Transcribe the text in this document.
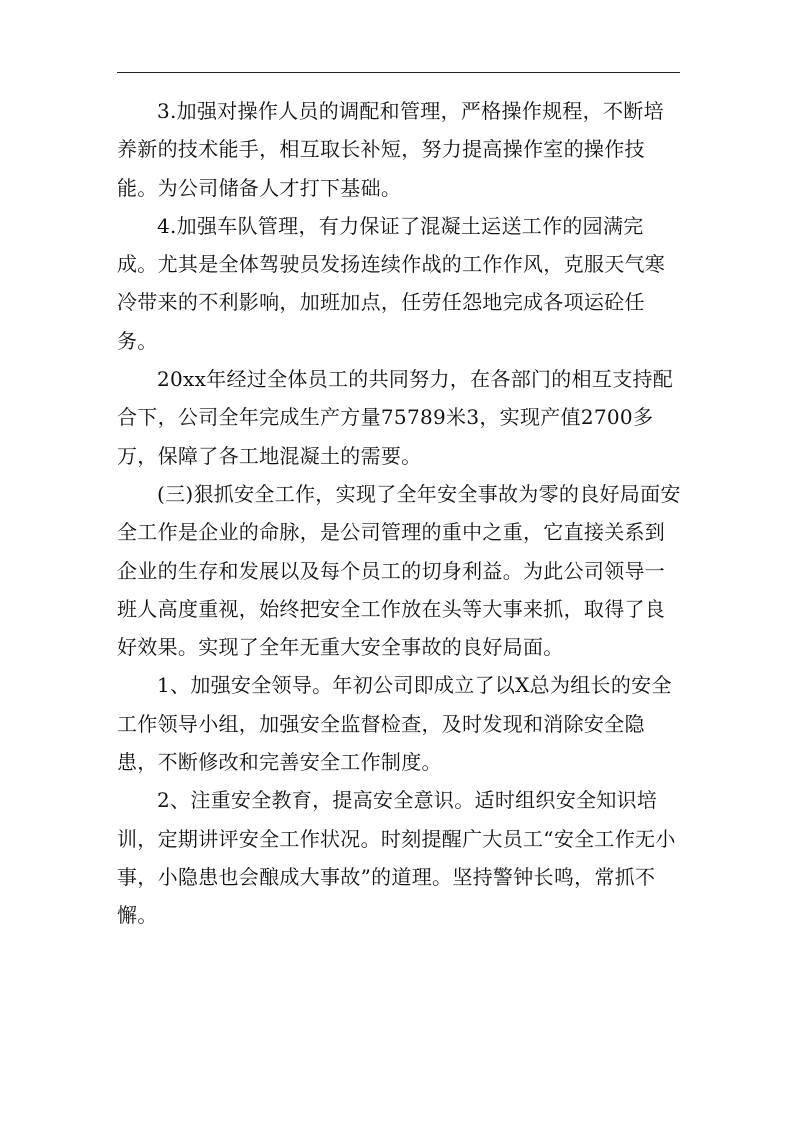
3.加强对操作人员的调配和管理，严格操作规程，不断培养新的技术能手，相互取长补短，努力提高操作室的操作技能。为公司储备人才打下基础。

4.加强车队管理，有力保证了混凝土运送工作的园满完成。尤其是全体驾驶员发扬连续作战的工作作风，克服天气寒冷带来的不利影响，加班加点，任劳任怨地完成各项运砼任务。

20xx年经过全体员工的共同努力，在各部门的相互支持配合下，公司全年完成生产方量75789米3，实现产值2700多万，保障了各工地混凝土的需要。

(三)狠抓安全工作，实现了全年安全事故为零的良好局面安全工作是企业的命脉，是公司管理的重中之重，它直接关系到企业的生存和发展以及每个员工的切身利益。为此公司领导一班人高度重视，始终把安全工作放在头等大事来抓，取得了良好效果。实现了全年无重大安全事故的良好局面。

1、加强安全领导。年初公司即成立了以X总为组长的安全工作领导小组，加强安全监督检查，及时发现和消除安全隐患，不断修改和完善安全工作制度。

2、注重安全教育，提高安全意识。适时组织安全知识培训，定期讲评安全工作状况。时刻提醒广大员工“安全工作无小事，小隐患也会酿成大事故”的道理。坚持警钟长鸣，常抓不懈。
